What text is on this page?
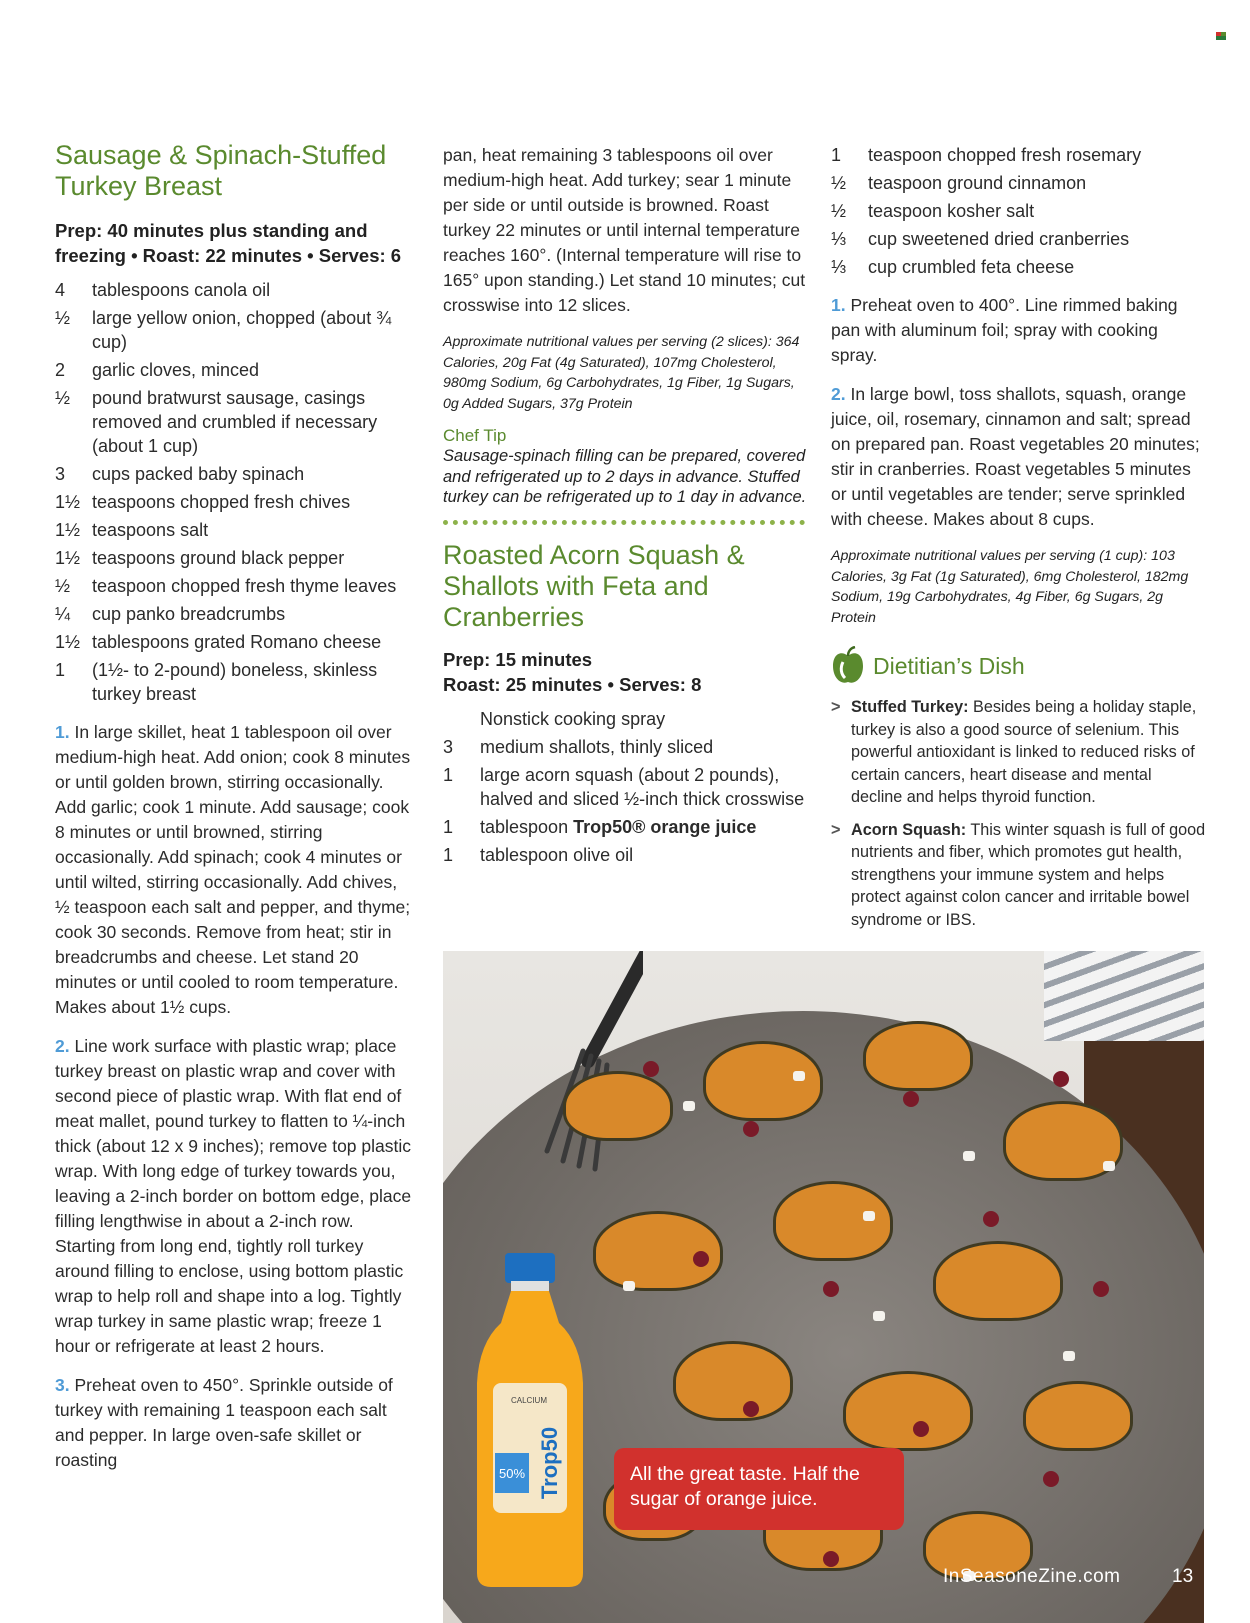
Sausage & Spinach-Stuffed Turkey Breast
Prep: 40 minutes plus standing and freezing • Roast: 22 minutes • Serves: 6
4	tablespoons canola oil
½	large yellow onion, chopped (about ¾ cup)
2	garlic cloves, minced
½	pound bratwurst sausage, casings removed and crumbled if necessary (about 1 cup)
3	cups packed baby spinach
1½ teaspoons chopped fresh chives
1½ teaspoons salt
1½ teaspoons ground black pepper
½	teaspoon chopped fresh thyme leaves
¼	cup panko breadcrumbs
1½ tablespoons grated Romano cheese
1	(1½- to 2-pound) boneless, skinless turkey breast
1. In large skillet, heat 1 tablespoon oil over medium-high heat. Add onion; cook 8 minutes or until golden brown, stirring occasionally. Add garlic; cook 1 minute. Add sausage; cook 8 minutes or until browned, stirring occasionally. Add spinach; cook 4 minutes or until wilted, stirring occasionally. Add chives, ½ teaspoon each salt and pepper, and thyme; cook 30 seconds. Remove from heat; stir in breadcrumbs and cheese. Let stand 20 minutes or until cooled to room temperature. Makes about 1½ cups.
2. Line work surface with plastic wrap; place turkey breast on plastic wrap and cover with second piece of plastic wrap. With flat end of meat mallet, pound turkey to flatten to ¼-inch thick (about 12 x 9 inches); remove top plastic wrap. With long edge of turkey towards you, leaving a 2-inch border on bottom edge, place filling lengthwise in about a 2-inch row. Starting from long end, tightly roll turkey around filling to enclose, using bottom plastic wrap to help roll and shape into a log. Tightly wrap turkey in same plastic wrap; freeze 1 hour or refrigerate at least 2 hours.
3. Preheat oven to 450°. Sprinkle outside of turkey with remaining 1 teaspoon each salt and pepper. In large oven-safe skillet or roasting
pan, heat remaining 3 tablespoons oil over medium-high heat. Add turkey; sear 1 minute per side or until outside is browned. Roast turkey 22 minutes or until internal temperature reaches 160°. (Internal temperature will rise to 165° upon standing.) Let stand 10 minutes; cut crosswise into 12 slices.
Approximate nutritional values per serving (2 slices): 364 Calories, 20g Fat (4g Saturated), 107mg Cholesterol, 980mg Sodium, 6g Carbohydrates, 1g Fiber, 1g Sugars, 0g Added Sugars, 37g Protein
Chef Tip
Sausage-spinach filling can be prepared, covered and refrigerated up to 2 days in advance. Stuffed turkey can be refrigerated up to 1 day in advance.
Roasted Acorn Squash & Shallots with Feta and Cranberries
Prep: 15 minutes
Roast: 25 minutes • Serves: 8
Nonstick cooking spray
3	medium shallots, thinly sliced
1	large acorn squash (about 2 pounds), halved and sliced ½-inch thick crosswise
1	tablespoon Trop50® orange juice
1	tablespoon olive oil
1	teaspoon chopped fresh rosemary
½	teaspoon ground cinnamon
½	teaspoon kosher salt
⅓	cup sweetened dried cranberries
⅓	cup crumbled feta cheese
1. Preheat oven to 400°. Line rimmed baking pan with aluminum foil; spray with cooking spray.
2. In large bowl, toss shallots, squash, orange juice, oil, rosemary, cinnamon and salt; spread on prepared pan. Roast vegetables 20 minutes; stir in cranberries. Roast vegetables 5 minutes or until vegetables are tender; serve sprinkled with cheese. Makes about 8 cups.
Approximate nutritional values per serving (1 cup): 103 Calories, 3g Fat (1g Saturated), 6mg Cholesterol, 182mg Sodium, 19g Carbohydrates, 4g Fiber, 6g Sugars, 2g Protein
Dietitian’s Dish
> Stuffed Turkey: Besides being a holiday staple, turkey is also a good source of selenium. This powerful antioxidant is linked to reduced risks of certain cancers, heart disease and mental decline and helps thyroid function.
> Acorn Squash: This winter squash is full of good nutrients and fiber, which promotes gut health, strengthens your immune system and helps protect against colon cancer and irritable bowel syndrome or IBS.
CALCIUM
50% Trop50	All the great taste. Half the sugar of orange juice.
InSeasoneZine.com	13
